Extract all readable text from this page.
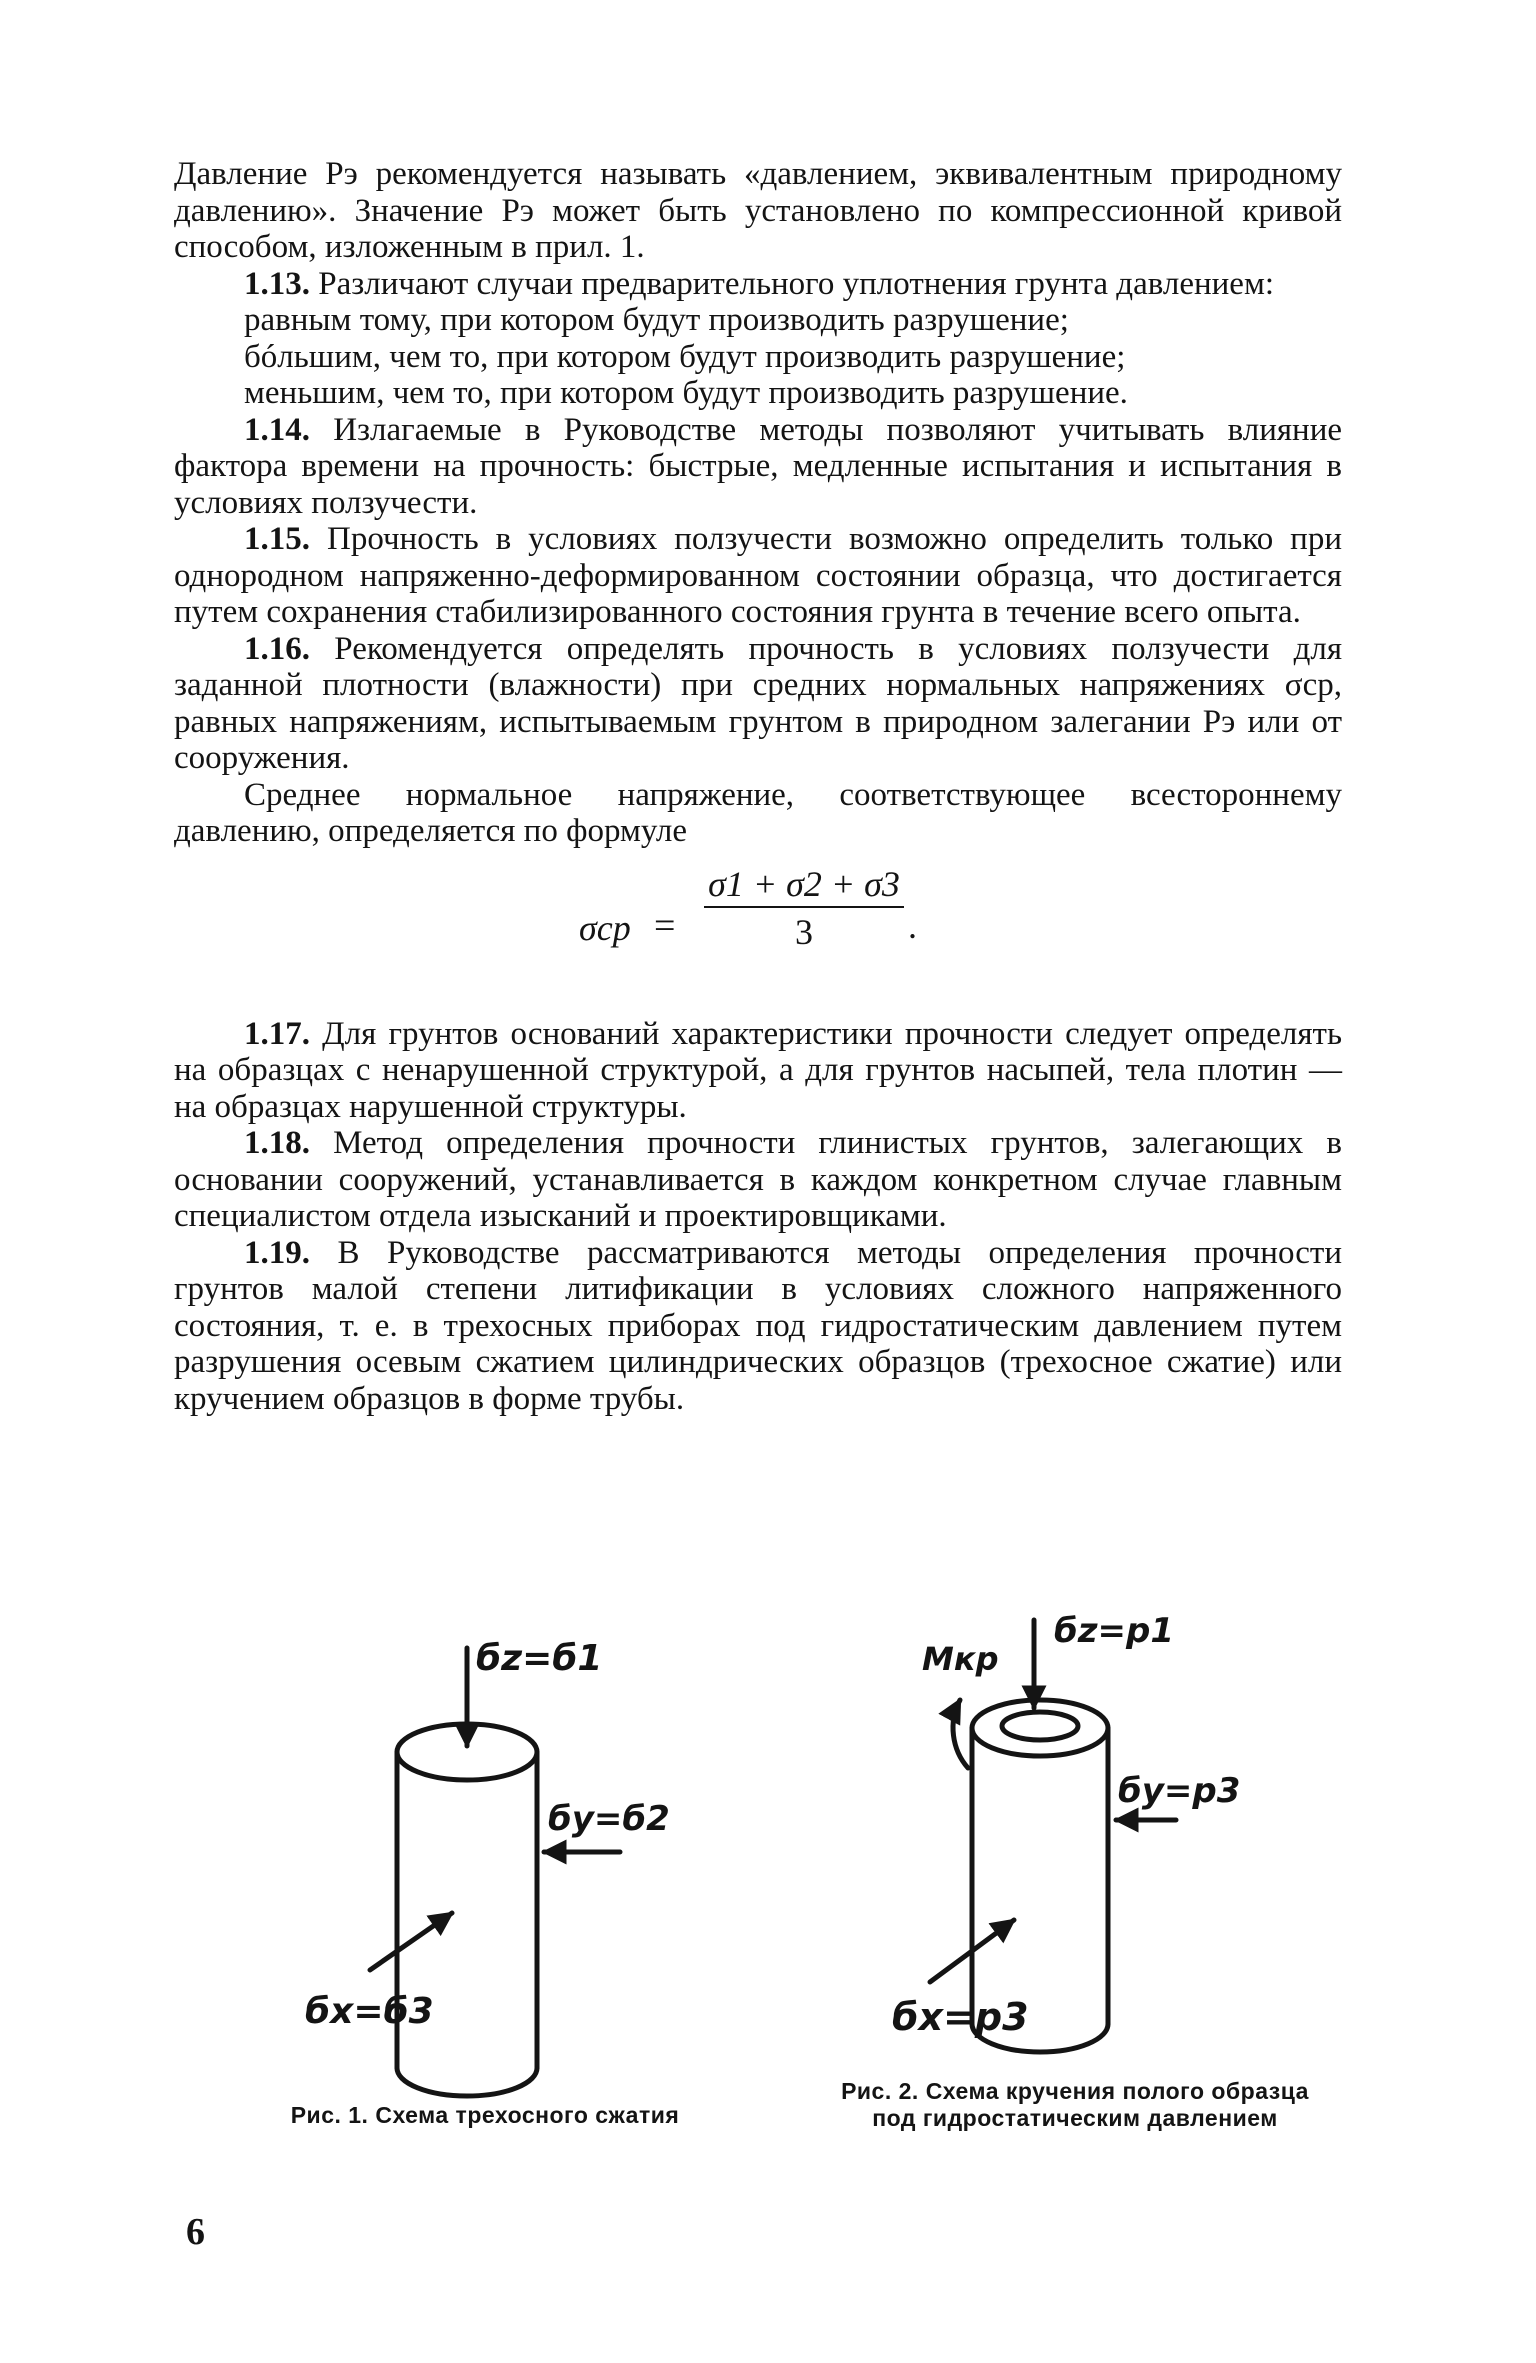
Давление Pэ рекомендуется называть «давлением, эквивалентным природному давлению». Значение Pэ может быть установлено по компрессионной кривой способом, изложенным в прил. 1.

1.13. Различают случаи предварительного уплотнения грунта давлением:

равным тому, при котором будут производить разрушение;

бóльшим, чем то, при котором будут производить разрушение;

меньшим, чем то, при котором будут производить разрушение.

1.14. Излагаемые в Руководстве методы позволяют учитывать влияние фактора времени на прочность: быстрые, медленные испытания и испытания в условиях ползучести.

1.15. Прочность в условиях ползучести возможно определить только при однородном напряженно-деформированном состоянии образца, что достигается путем сохранения стабилизированного состояния грунта в течение всего опыта.

1.16. Рекомендуется определять прочность в условиях ползучести для заданной плотности (влажности) при средних нормальных напряжениях σср, равных напряжениям, испытываемым грунтом в природном залегании Pэ или от сооружения.

Среднее нормальное напряжение, соответствующее всестороннему давлению, определяется по формуле

$\sigma ср = \frac{\sigma 1 + \sigma 2 + \sigma 3}{3}$ .

1.17. Для грунтов оснований характеристики прочности следует определять на образцах с ненарушенной структурой, а для грунтов насыпей, тела плотин — на образцах нарушенной структуры.

1.18. Метод определения прочности глинистых грунтов, залегающих в основании сооружений, устанавливается в каждом конкретном случае главным специалистом отдела изысканий и проектировщиками.

1.19. В Руководстве рассматриваются методы определения прочности грунтов малой степени литификации в условиях сложного напряженного состояния, т. е. в трехосных приборах под гидростатическим давлением путем разрушения осевым сжатием цилиндрических образцов (трехосное сжатие) или кручением образцов в форме трубы.

бz=б1
бy=б2
бx=б3
Mкр
бz=p1
бy=p3
бx=p3
Рис. 1. Схема трехосного сжатия
Рис. 2. Схема кручения полого образца под гидростатическим давлением
6
